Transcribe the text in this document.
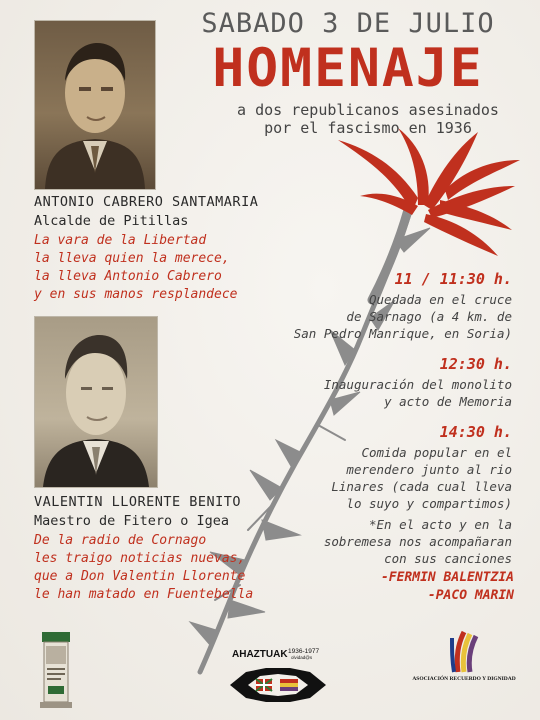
SABADO 3 DE JULIO
HOMENAJE
a dos republicanos asesinados
por el fascismo en 1936
ANTONIO CABRERO SANTAMARIA
Alcalde de Pitillas
La vara de la Libertad
la lleva quien la merece,
la lleva Antonio Cabrero
y en sus manos resplandece
VALENTIN LLORENTE BENITO
Maestro de Fitero o Igea
De la radio de Cornago
les traigo noticias nuevas,
que a Don Valentin Llorente
le han matado en Fuentebella
11 / 11:30 h.
Quedada en el cruce
de Sarnago (a 4 km. de
San Pedro Manrique, en Soria)
12:30 h.
Inauguración del monolito
y acto de Memoria
14:30 h.
Comida popular en el
merendero junto al rio
Linares (cada cual lleva
lo suyo y compartimos)
*En el acto y en la
sobremesa nos acompañaran
con sus canciones
-FERMIN BALENTZIA
-PACO MARIN
AHAZTUAK 1936-1977
olvidad@s
ASOCIACIÓN RECUERDO Y DIGNIDAD
